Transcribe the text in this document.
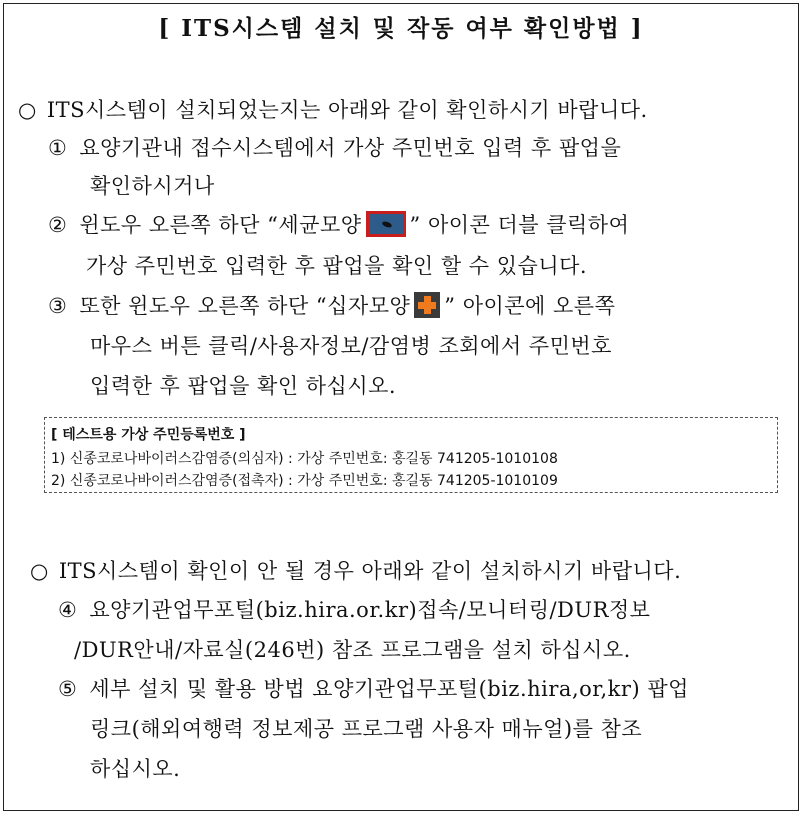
[ ITS시스템 설치 및 작동 여부 확인방법 ]
○ ITS시스템이 설치되었는지는 아래와 같이 확인하시기 바랍니다.
① 요양기관내 접수시스템에서 가상 주민번호 입력 후 팝업을
확인하시거나
② 윈도우 오른쪽 하단 “세균모양 ” 아이콘 더블 클릭하여
가상 주민번호 입력한 후 팝업을 확인 할 수 있습니다.
③ 또한 윈도우 오른쪽 하단 “십자모양 ” 아이콘에 오른쪽
마우스 버튼 클릭/사용자정보/감염병 조회에서 주민번호
입력한 후 팝업을 확인 하십시오.
[ 테스트용 가상 주민등록번호 ]
1) 신종코로나바이러스감염증(의심자) : 가상 주민번호: 홍길동 741205-1010108
2) 신종코로나바이러스감염증(접촉자) : 가상 주민번호: 홍길동 741205-1010109
○ ITS시스템이 확인이 안 될 경우 아래와 같이 설치하시기 바랍니다.
④ 요양기관업무포털(biz.hira.or.kr)접속/모니터링/DUR정보
/DUR안내/자료실(246번) 참조 프로그램을 설치 하십시오.
⑤ 세부 설치 및 활용 방법 요양기관업무포털(biz.hira,or,kr) 팝업
링크(해외여행력 정보제공 프로그램 사용자 매뉴얼)를 참조
하십시오.
